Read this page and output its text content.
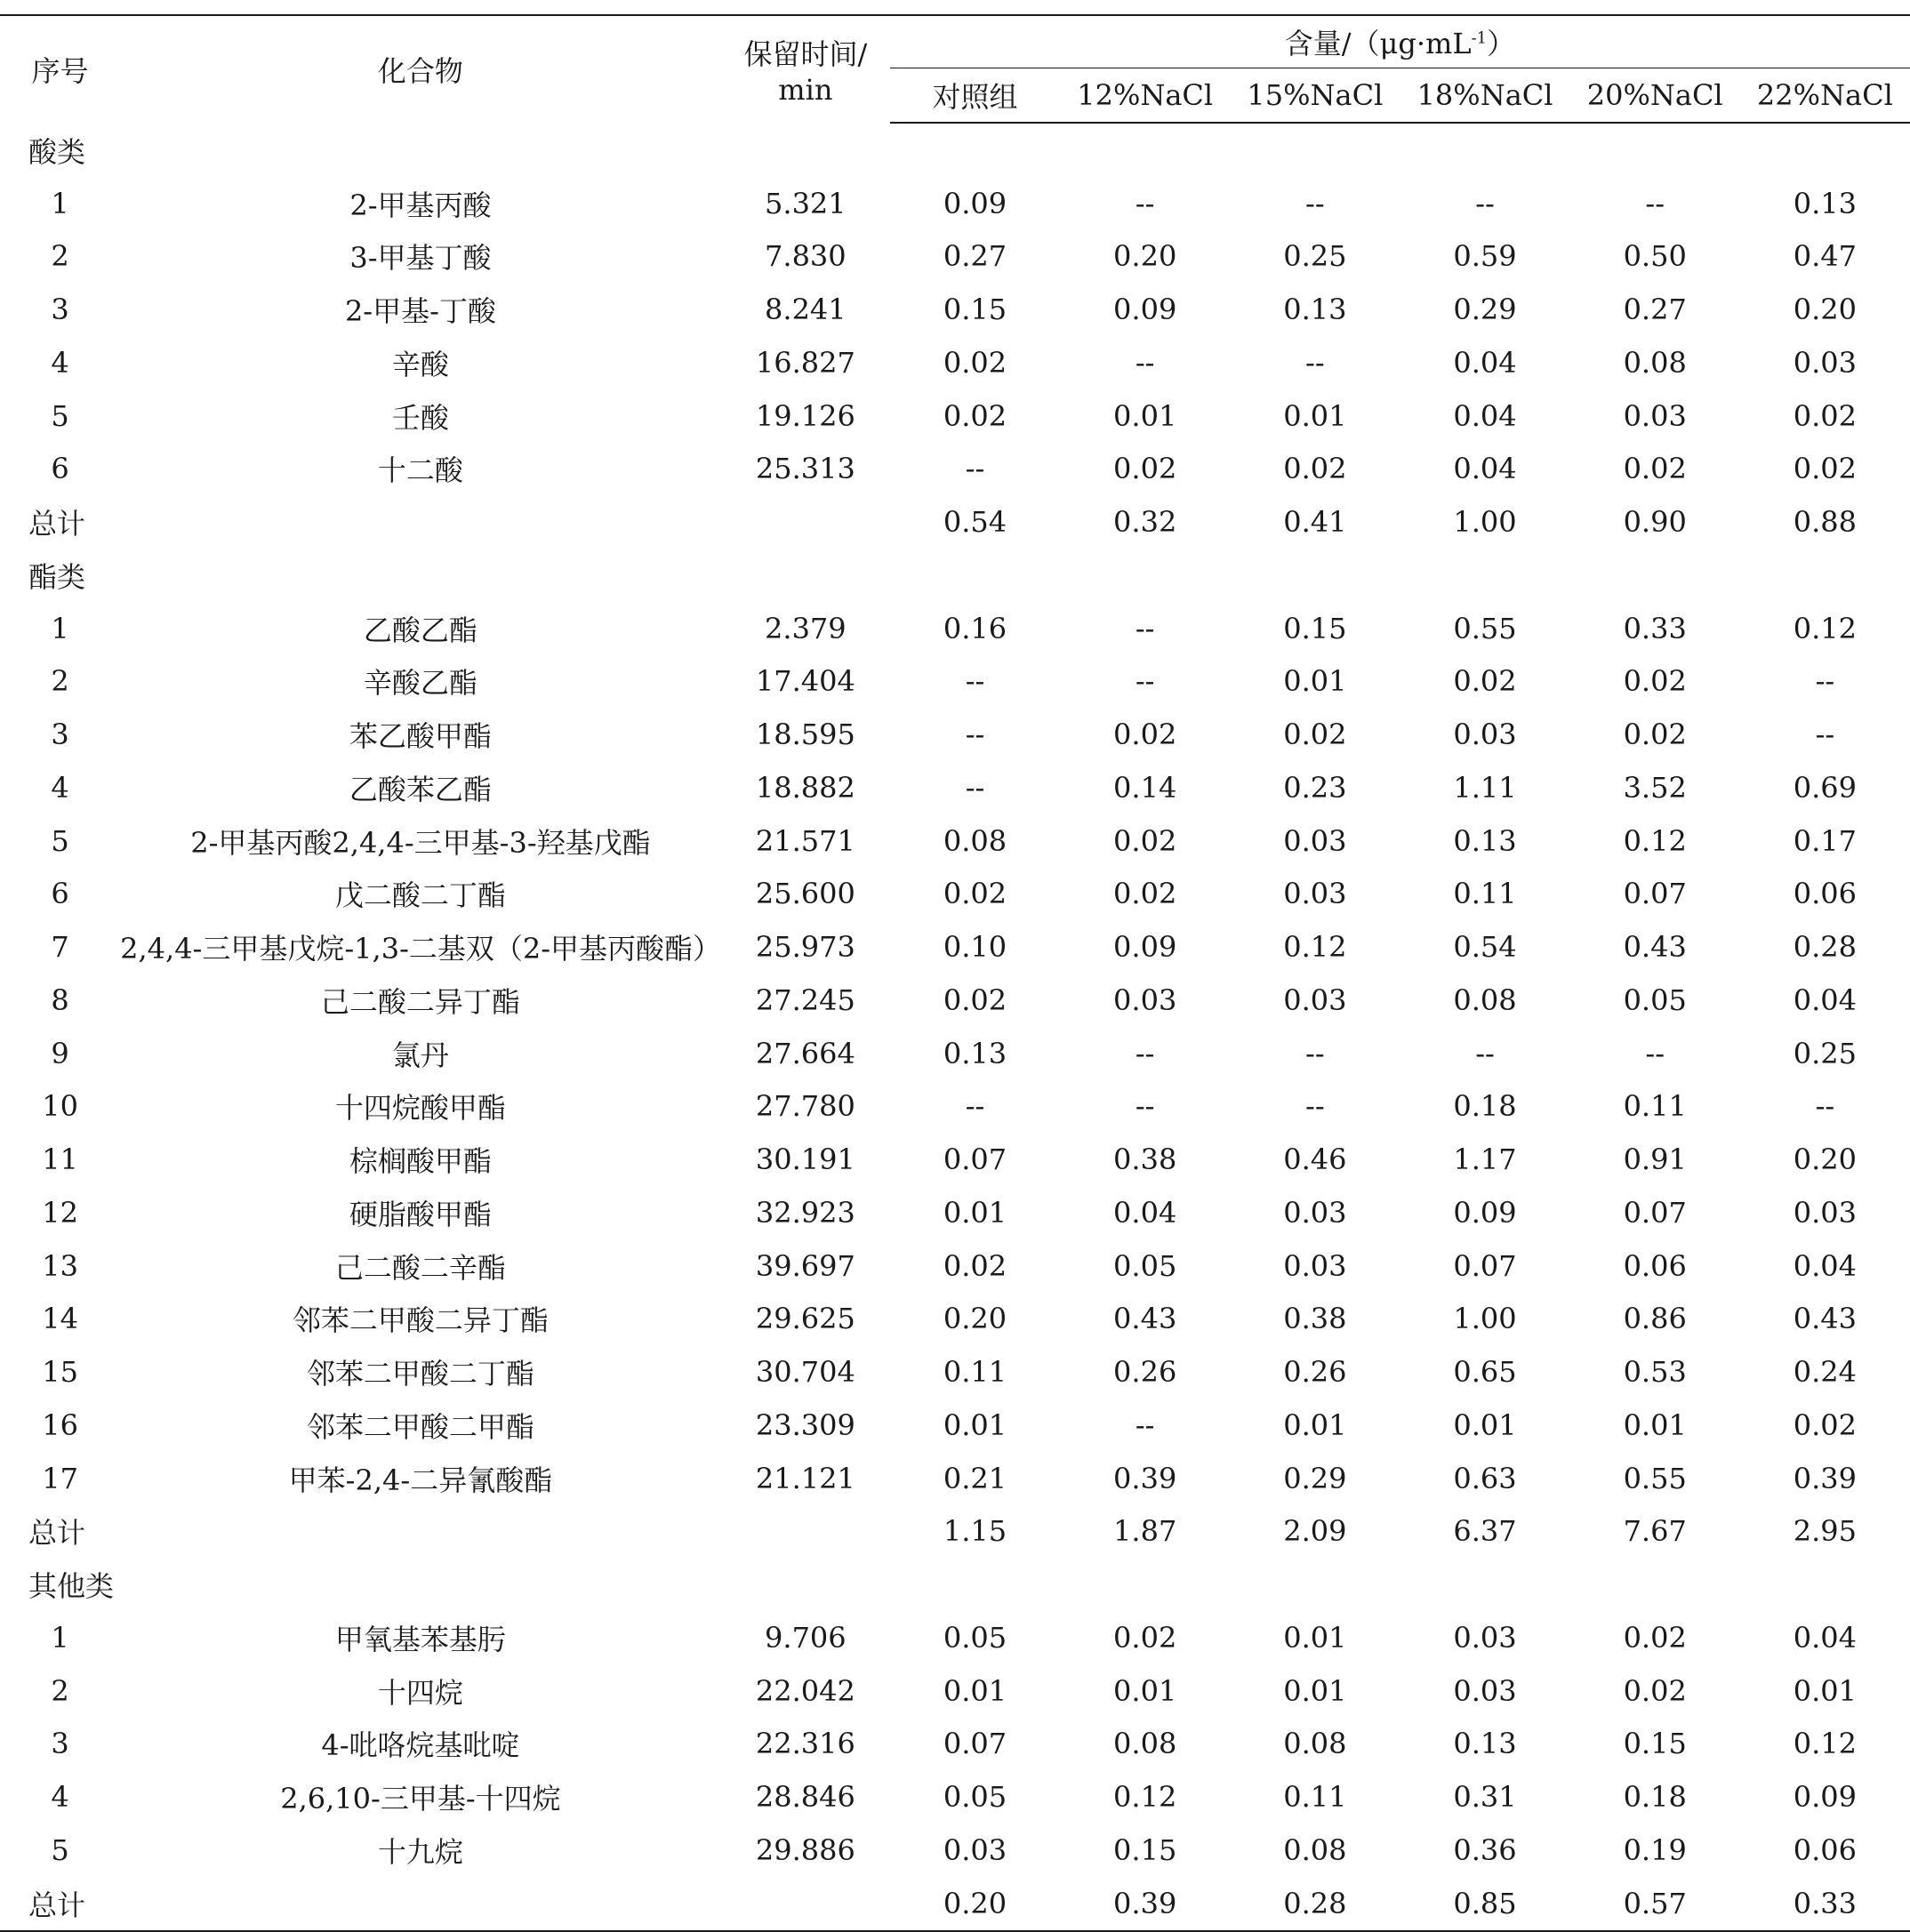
序号	化合物	保留时间/
min	含量$/(\mu g\cdot mL^{-1})$					
			对照组	12%NaCl	15%NaCl	18%NaCl	20%NaCl	22%NaCl
酸类								
1	2-甲基丙酸	5.321	0.09	--	--	--	--	0.13
2	3-甲基丁酸	7.830	0.27	0.20	0.25	0.59	0.50	0.47
3	2-甲基-丁酸	8.241	0.15	0.09	0.13	0.29	0.27	0.20
4	辛酸	16.827	0.02	--	--	0.04	0.08	0.03
5	壬酸	19.126	0.02	0.01	0.01	0.04	0.03	0.02
6	十二酸	25.313	--	0.02	0.02	0.04	0.02	0.02
总计			0.54	0.32	0.41	1.00	0.90	0.88
酯类								
1	乙酸乙酯	2.379	0.16	--	0.15	0.55	0.33	0.12
2	辛酸乙酯	17.404	--	--	0.01	0.02	0.02	--
3	苯乙酸甲酯	18.595	--	0.02	0.02	0.03	0.02	--
4	乙酸苯乙酯	18.882	--	0.14	0.23	1.11	3.52	0.69
5	2-甲基丙酸2,4,4-三甲基-3-羟基戊酯	21.571	0.08	0.02	0.03	0.13	0.12	0.17
6	戊二酸二丁酯	25.600	0.02	0.02	0.03	0.11	0.07	0.06
7	2,4,4-三甲基戊烷-1,3-二基双（2-甲基丙酸酯）	25.973	0.10	0.09	0.12	0.54	0.43	0.28
8	己二酸二异丁酯	27.245	0.02	0.03	0.03	0.08	0.05	0.04
9	氯丹	27.664	0.13	--	--	--	--	0.25
10	十四烷酸甲酯	27.780	--	--	--	0.18	0.11	--
11	棕榈酸甲酯	30.191	0.07	0.38	0.46	1.17	0.91	0.20
12	硬脂酸甲酯	32.923	0.01	0.04	0.03	0.09	0.07	0.03
13	己二酸二辛酯	39.697	0.02	0.05	0.03	0.07	0.06	0.04
14	邻苯二甲酸二异丁酯	29.625	0.20	0.43	0.38	1.00	0.86	0.43
15	邻苯二甲酸二丁酯	30.704	0.11	0.26	0.26	0.65	0.53	0.24
16	邻苯二甲酸二甲酯	23.309	0.01	--	0.01	0.01	0.01	0.02
17	甲苯-2,4-二异氰酸酯	21.121	0.21	0.39	0.29	0.63	0.55	0.39
总计			1.15	1.87	2.09	6.37	7.67	2.95
其他类								
1	甲氧基苯基肟	9.706	0.05	0.02	0.01	0.03	0.02	0.04
2	十四烷	22.042	0.01	0.01	0.01	0.03	0.02	0.01
3	4-吡咯烷基吡啶	22.316	0.07	0.08	0.08	0.13	0.15	0.12
4	2,6,10-三甲基-十四烷	28.846	0.05	0.12	0.11	0.31	0.18	0.09
5	十九烷	29.886	0.03	0.15	0.08	0.36	0.19	0.06
总计			0.20	0.39	0.28	0.85	0.57	0.33
